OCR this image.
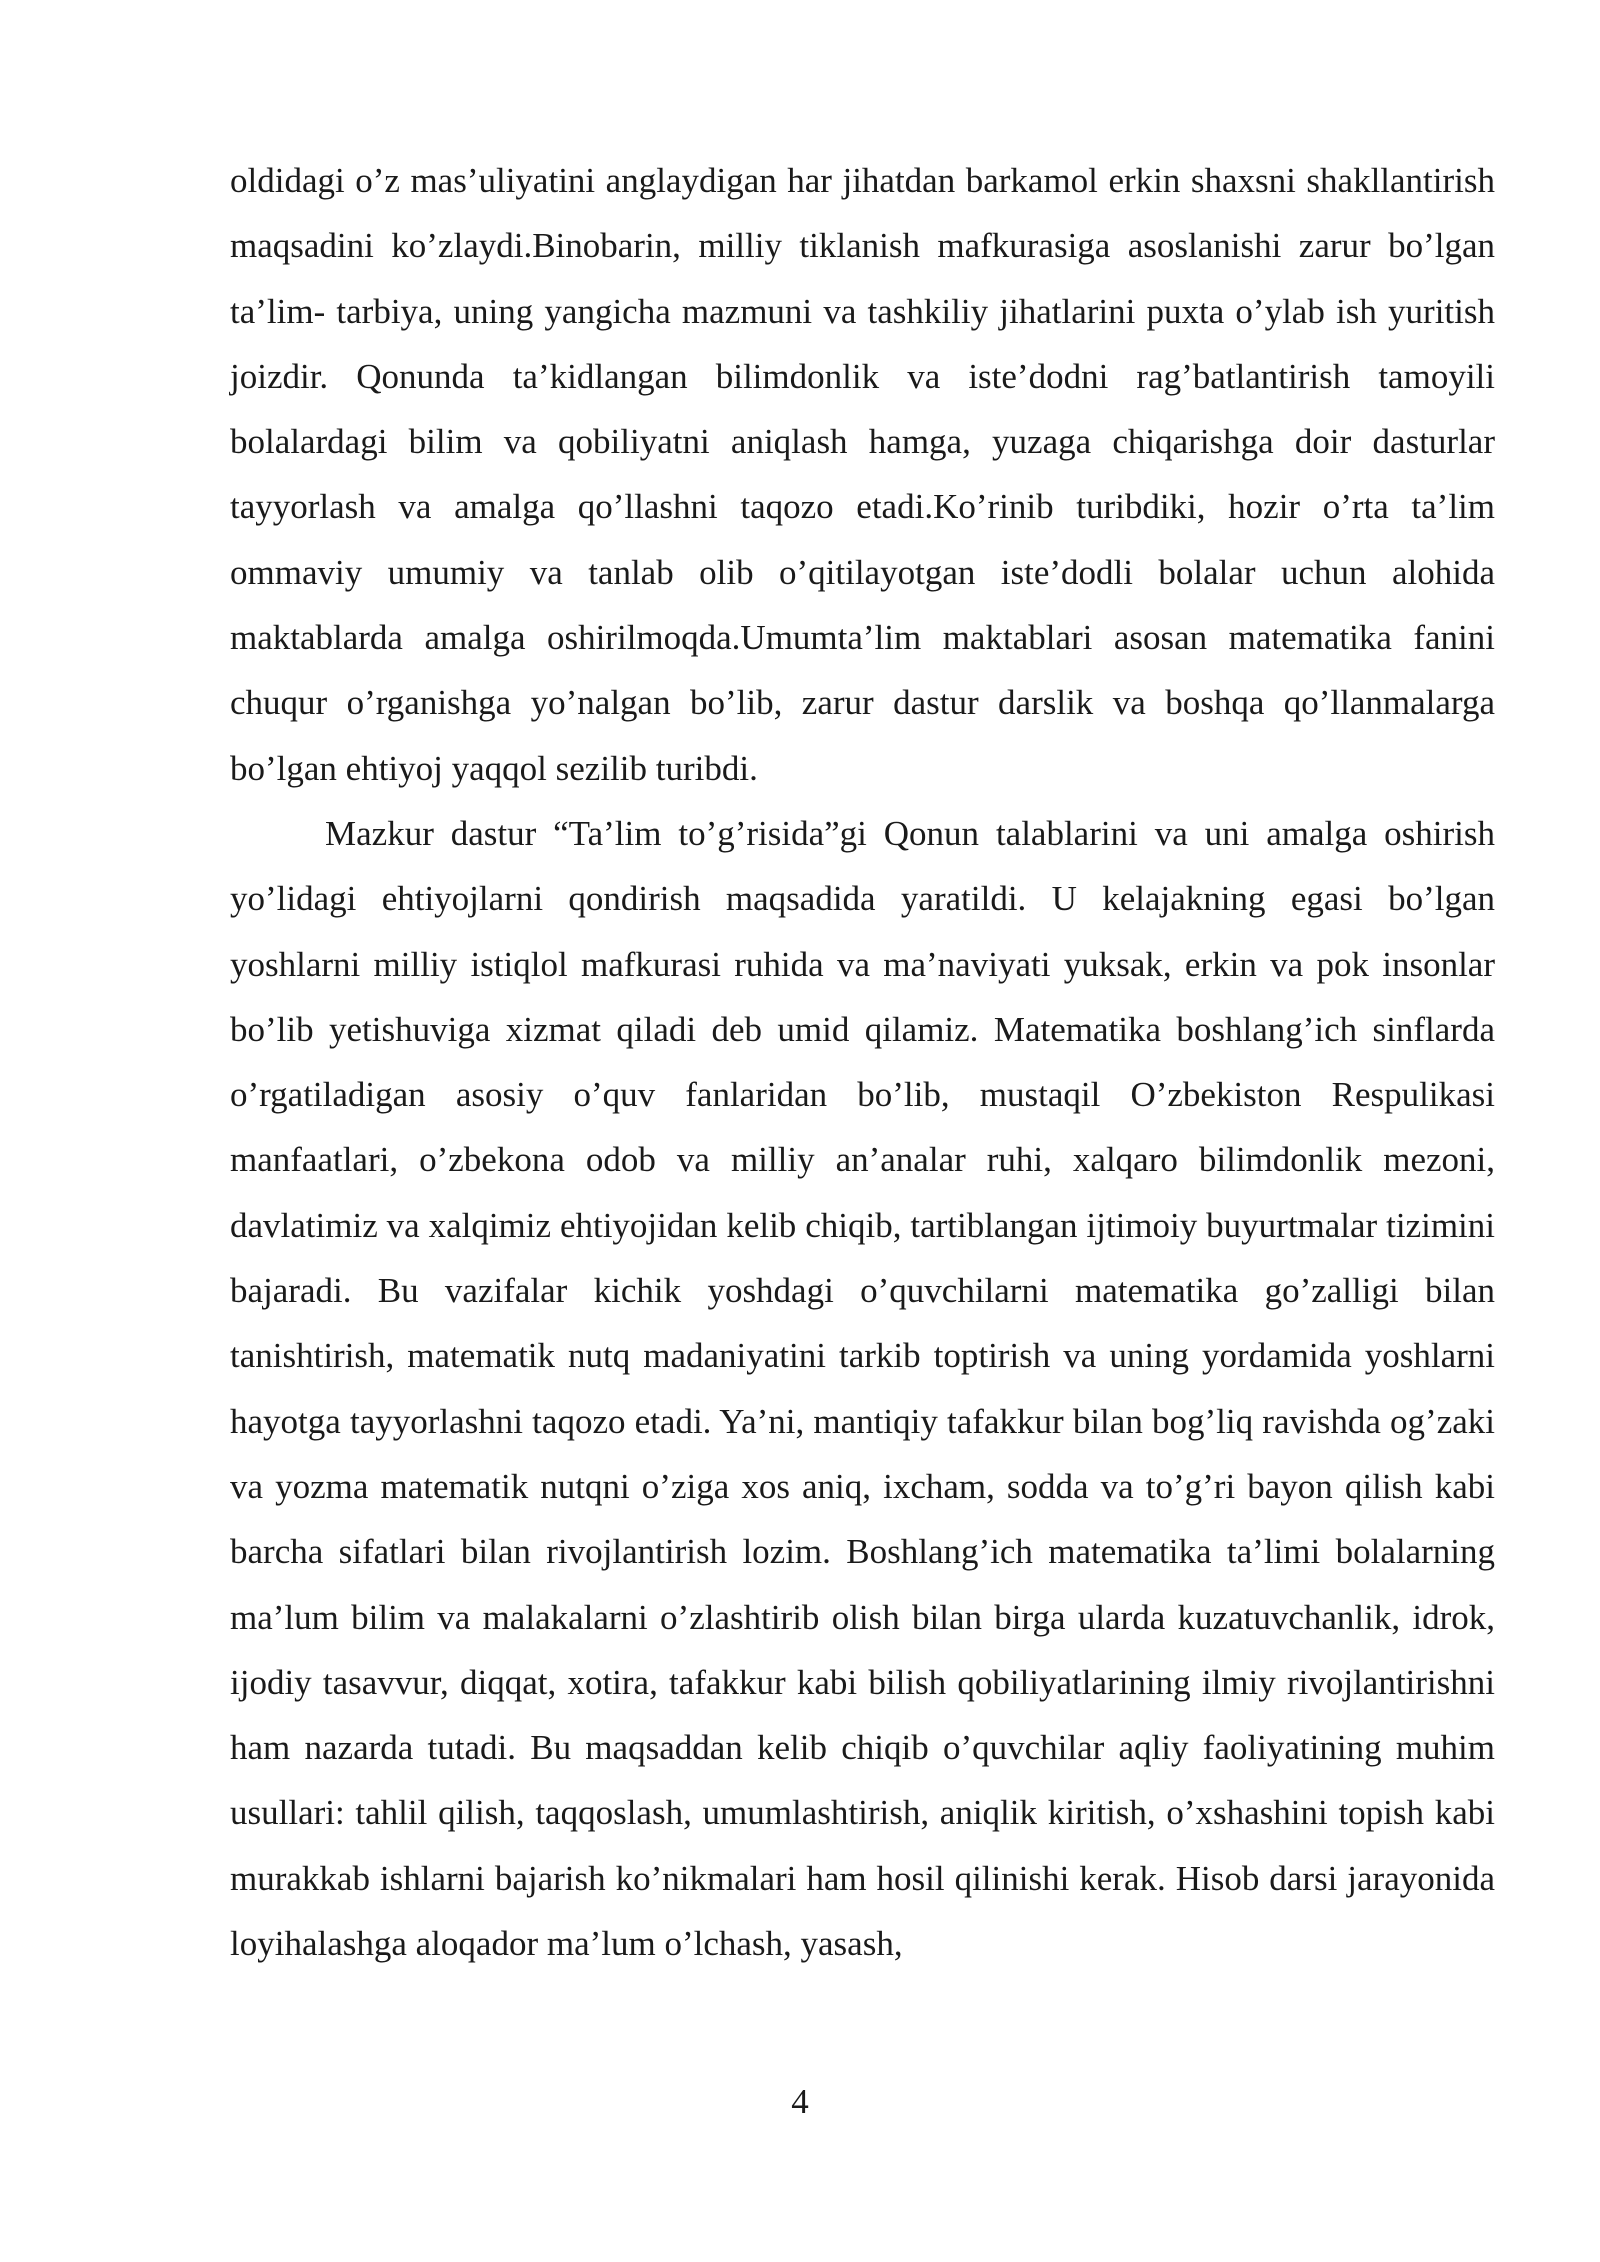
oldidagi o’z mas’uliyatini anglaydigan har jihatdan barkamol erkin shaxsni shakllantirish maqsadini ko’zlaydi.Binobarin, milliy tiklanish mafkurasiga asoslanishi zarur bo’lgan ta’lim- tarbiya, uning yangicha mazmuni va tashkiliy jihatlarini puxta o’ylab ish yuritish joizdir. Qonunda ta’kidlangan bilimdonlik va iste’dodni rag’batlantirish tamoyili bolalardagi bilim va qobiliyatni aniqlash hamga, yuzaga chiqarishga doir dasturlar tayyorlash va amalga qo’llashni taqozo etadi.Ko’rinib turibdiki, hozir o’rta ta’lim ommaviy umumiy va tanlab olib o’qitilayotgan iste’dodli bolalar uchun alohida maktablarda amalga oshirilmoqda.Umumta’lim maktablari asosan matematika fanini chuqur o’rganishga yo’nalgan bo’lib, zarur dastur darslik va boshqa qo’llanmalarga bo’lgan ehtiyoj yaqqol sezilib turibdi.

Mazkur dastur “Ta’lim to’g’risida”gi Qonun talablarini va uni amalga oshirish yo’lidagi ehtiyojlarni qondirish maqsadida yaratildi. U kelajakning egasi bo’lgan yoshlarni milliy istiqlol mafkurasi ruhida va ma’naviyati yuksak, erkin va pok insonlar bo’lib yetishuviga xizmat qiladi deb umid qilamiz. Matematika boshlang’ich sinflarda o’rgatiladigan asosiy o’quv fanlaridan bo’lib, mustaqil O’zbekiston Respulikasi manfaatlari, o’zbekona odob va milliy an’analar ruhi, xalqaro bilimdonlik mezoni, davlatimiz va xalqimiz ehtiyojidan kelib chiqib, tartiblangan ijtimoiy buyurtmalar tizimini bajaradi. Bu vazifalar kichik yoshdagi o’quvchilarni matematika go’zalligi bilan tanishtirish, matematik nutq madaniyatini tarkib toptirish va uning yordamida yoshlarni hayotga tayyorlashni taqozo etadi. Ya’ni, mantiqiy tafakkur bilan bog’liq ravishda og’zaki va yozma matematik nutqni o’ziga xos aniq, ixcham, sodda va to’g’ri bayon qilish kabi barcha sifatlari bilan rivojlantirish lozim. Boshlang’ich matematika ta’limi bolalarning ma’lum bilim va malakalarni o’zlashtirib olish bilan birga ularda kuzatuvchanlik, idrok, ijodiy tasavvur, diqqat, xotira, tafakkur kabi bilish qobiliyatlarining ilmiy rivojlantirishni ham nazarda tutadi. Bu maqsaddan kelib chiqib o’quvchilar aqliy faoliyatining muhim usullari: tahlil qilish, taqqoslash, umumlashtirish, aniqlik kiritish, o’xshashini topish kabi murakkab ishlarni bajarish ko’nikmalari ham hosil qilinishi kerak. Hisob darsi jarayonida loyihalashga aloqador ma’lum o’lchash, yasash,

4
